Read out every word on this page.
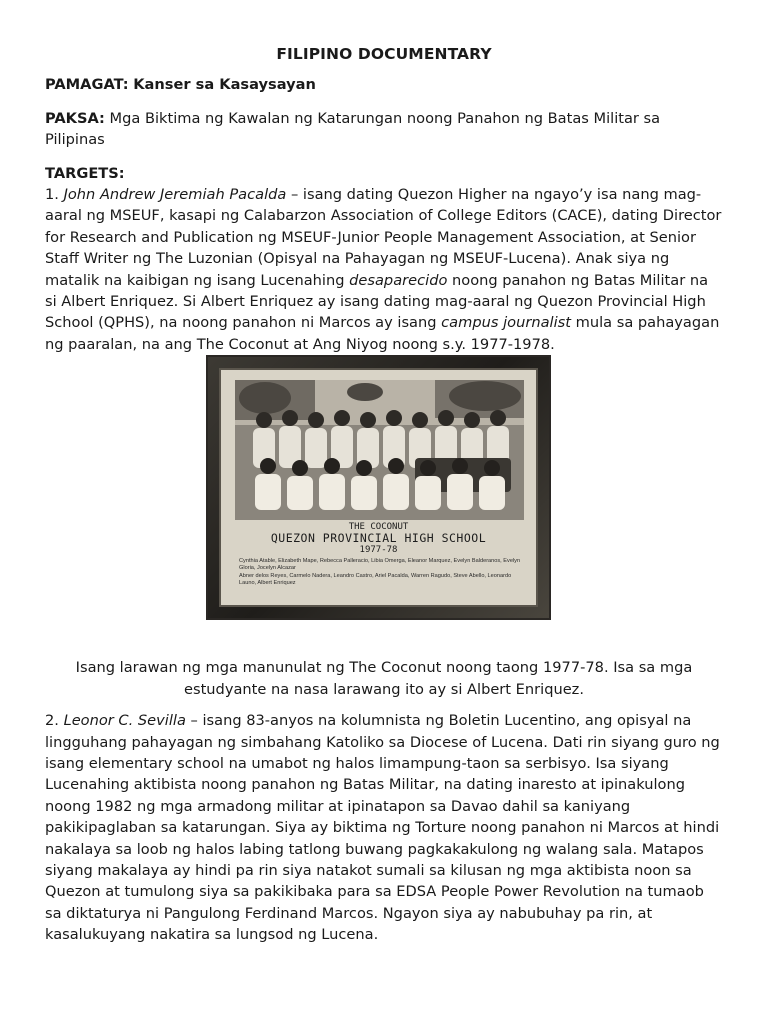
FILIPINO DOCUMENTARY
PAMAGAT: Kanser sa Kasaysayan
PAKSA: Mga Biktima ng Kawalan ng Katarungan noong Panahon ng Batas Militar sa Pilipinas
TARGETS:

1. John Andrew Jeremiah Pacalda – isang dating Quezon Higher na ngayo’y isa nang mag-aaral ng MSEUF, kasapi ng Calabarzon Association of College Editors (CACE), dating Director for Research and Publication ng MSEUF-Junior People Management Association, at Senior Staff Writer ng The Luzonian (Opisyal na Pahayagan ng MSEUF-Lucena). Anak siya ng matalik na kaibigan ng isang Lucenahing desaparecido noong panahon ng Batas Militar na si Albert Enriquez. Si Albert Enriquez ay isang dating mag-aaral ng Quezon Provincial High School (QPHS), na noong panahon ni Marcos ay isang campus journalist mula sa pahayagan ng paaralan, na ang The Coconut at Ang Niyog noong s.y. 1977-1978.

THE COCONUT
QUEZON PROVINCIAL HIGH SCHOOL
1977-78
Cynthia Atable, Elizabeth Mape, Rebecca Palleracio, Libia Omerga, Eleanor Marquez, Evelyn Balderanos, Evelyn Gloria, Jocelyn Alcazar
Abner delos Reyes, Carmelo Nadera, Leandro Castro, Ariel Pacalda, Warren Ragudo, Steve Abello, Leonardo Launo, Albert Enriquez
Isang larawan ng mga manunulat ng The Coconut noong taong 1977-78. Isa sa mga estudyante na nasa larawang ito ay si Albert Enriquez.

2. Leonor C. Sevilla – isang 83-anyos na kolumnista ng Boletin Lucentino, ang opisyal na lingguhang pahayagan ng simbahang Katoliko sa Diocese of Lucena. Dati rin siyang guro ng isang elementary school na umabot ng halos limampung-taon sa serbisyo. Isa siyang Lucenahing aktibista noong panahon ng Batas Militar, na dating inaresto at ipinakulong noong 1982 ng mga armadong militar at ipinatapon sa Davao dahil sa kaniyang pakikipaglaban sa katarungan. Siya ay biktima ng Torture noong panahon ni Marcos at hindi nakalaya sa loob ng halos labing tatlong buwang pagkakakulong ng walang sala. Matapos siyang makalaya ay hindi pa rin siya natakot sumali sa kilusan ng mga aktibista noon sa Quezon at tumulong siya sa pakikibaka para sa EDSA People Power Revolution na tumaob sa diktaturya ni Pangulong Ferdinand Marcos. Ngayon siya ay nabubuhay pa rin, at kasalukuyang nakatira sa lungsod ng Lucena.
